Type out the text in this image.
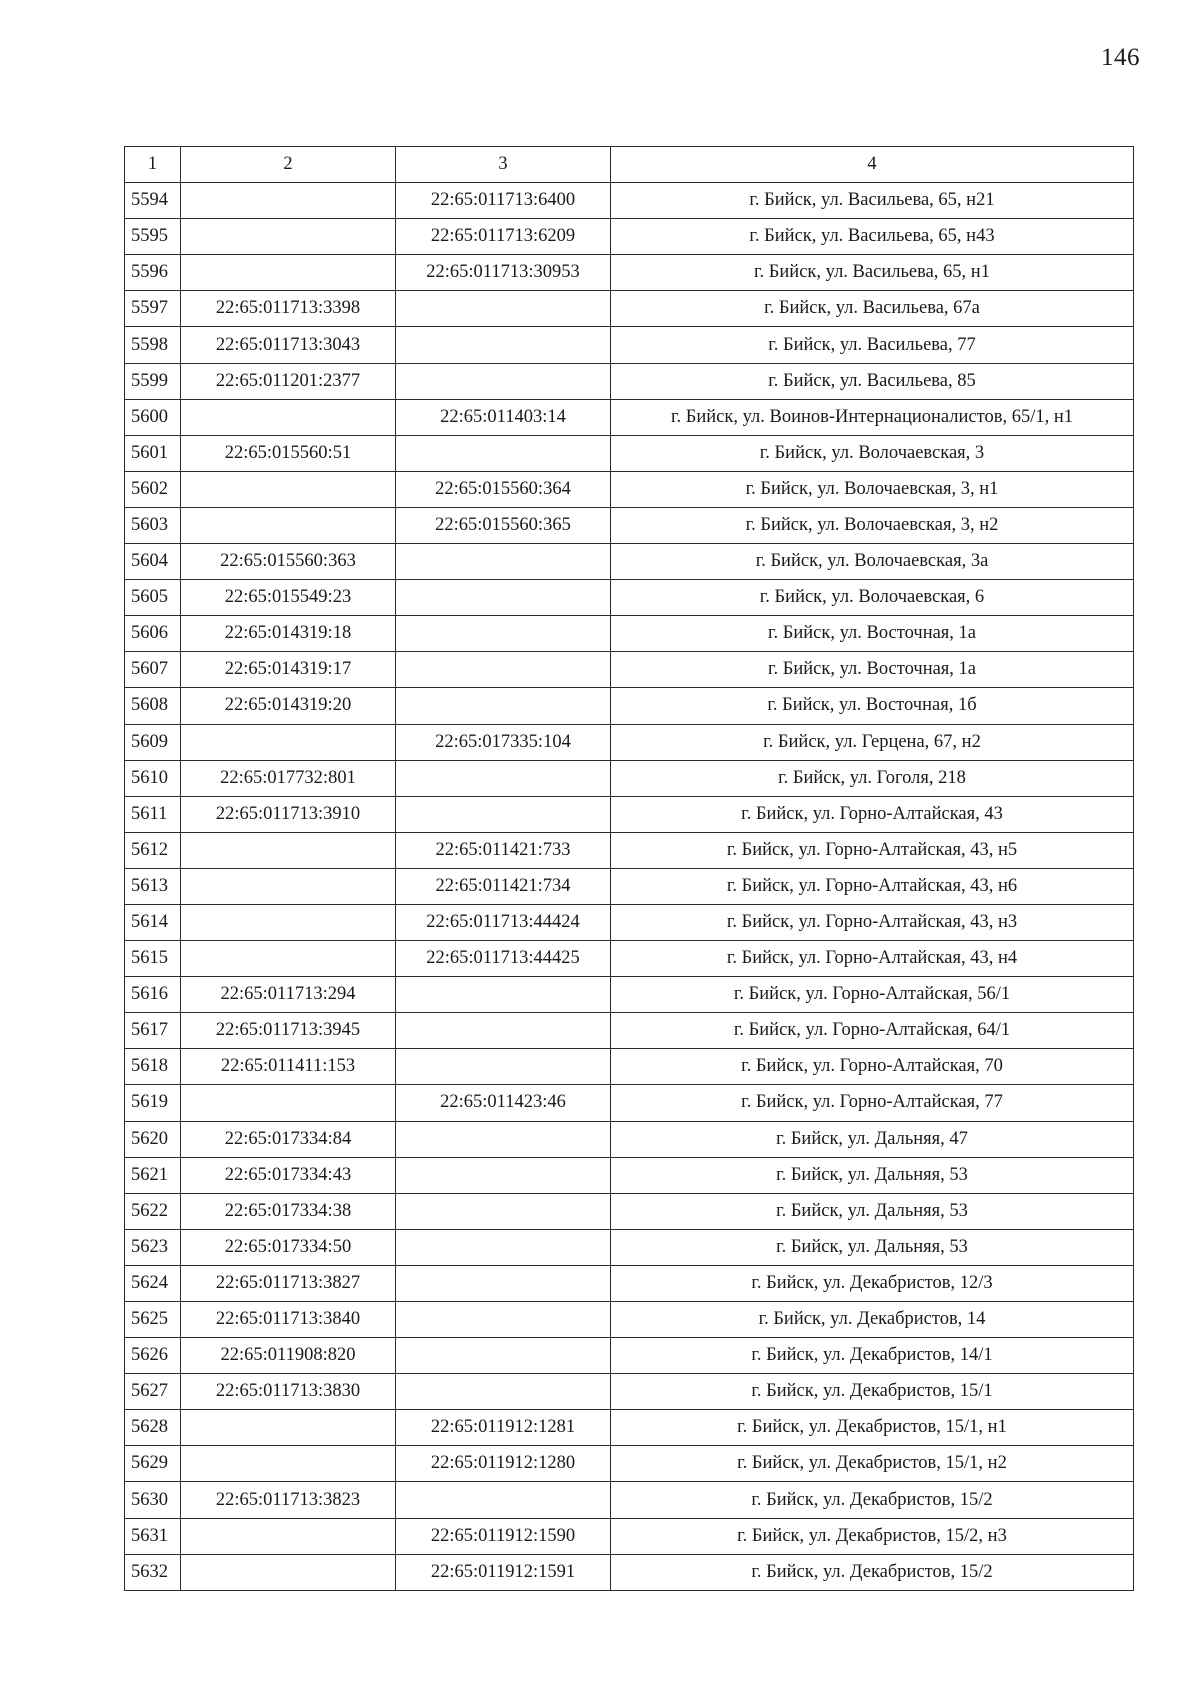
146
1	2	3	4
5594		22:65:011713:6400	г. Бийск, ул. Васильева, 65, н21
5595		22:65:011713:6209	г. Бийск, ул. Васильева, 65, н43
5596		22:65:011713:30953	г. Бийск, ул. Васильева, 65, н1
5597	22:65:011713:3398		г. Бийск, ул. Васильева, 67а
5598	22:65:011713:3043		г. Бийск, ул. Васильева, 77
5599	22:65:011201:2377		г. Бийск, ул. Васильева, 85
5600		22:65:011403:14	г. Бийск, ул. Воинов-Интернационалистов, 65/1, н1
5601	22:65:015560:51		г. Бийск, ул. Волочаевская, 3
5602		22:65:015560:364	г. Бийск, ул. Волочаевская, 3, н1
5603		22:65:015560:365	г. Бийск, ул. Волочаевская, 3, н2
5604	22:65:015560:363		г. Бийск, ул. Волочаевская, 3а
5605	22:65:015549:23		г. Бийск, ул. Волочаевская, 6
5606	22:65:014319:18		г. Бийск, ул. Восточная, 1а
5607	22:65:014319:17		г. Бийск, ул. Восточная, 1а
5608	22:65:014319:20		г. Бийск, ул. Восточная, 1б
5609		22:65:017335:104	г. Бийск, ул. Герцена, 67, н2
5610	22:65:017732:801		г. Бийск, ул. Гоголя, 218
5611	22:65:011713:3910		г. Бийск, ул. Горно-Алтайская, 43
5612		22:65:011421:733	г. Бийск, ул. Горно-Алтайская, 43, н5
5613		22:65:011421:734	г. Бийск, ул. Горно-Алтайская, 43, н6
5614		22:65:011713:44424	г. Бийск, ул. Горно-Алтайская, 43, н3
5615		22:65:011713:44425	г. Бийск, ул. Горно-Алтайская, 43, н4
5616	22:65:011713:294		г. Бийск, ул. Горно-Алтайская, 56/1
5617	22:65:011713:3945		г. Бийск, ул. Горно-Алтайская, 64/1
5618	22:65:011411:153		г. Бийск, ул. Горно-Алтайская, 70
5619		22:65:011423:46	г. Бийск, ул. Горно-Алтайская, 77
5620	22:65:017334:84		г. Бийск, ул. Дальняя, 47
5621	22:65:017334:43		г. Бийск, ул. Дальняя, 53
5622	22:65:017334:38		г. Бийск, ул. Дальняя, 53
5623	22:65:017334:50		г. Бийск, ул. Дальняя, 53
5624	22:65:011713:3827		г. Бийск, ул. Декабристов, 12/3
5625	22:65:011713:3840		г. Бийск, ул. Декабристов, 14
5626	22:65:011908:820		г. Бийск, ул. Декабристов, 14/1
5627	22:65:011713:3830		г. Бийск, ул. Декабристов, 15/1
5628		22:65:011912:1281	г. Бийск, ул. Декабристов, 15/1, н1
5629		22:65:011912:1280	г. Бийск, ул. Декабристов, 15/1, н2
5630	22:65:011713:3823		г. Бийск, ул. Декабристов, 15/2
5631		22:65:011912:1590	г. Бийск, ул. Декабристов, 15/2, н3
5632		22:65:011912:1591	г. Бийск, ул. Декабристов, 15/2
